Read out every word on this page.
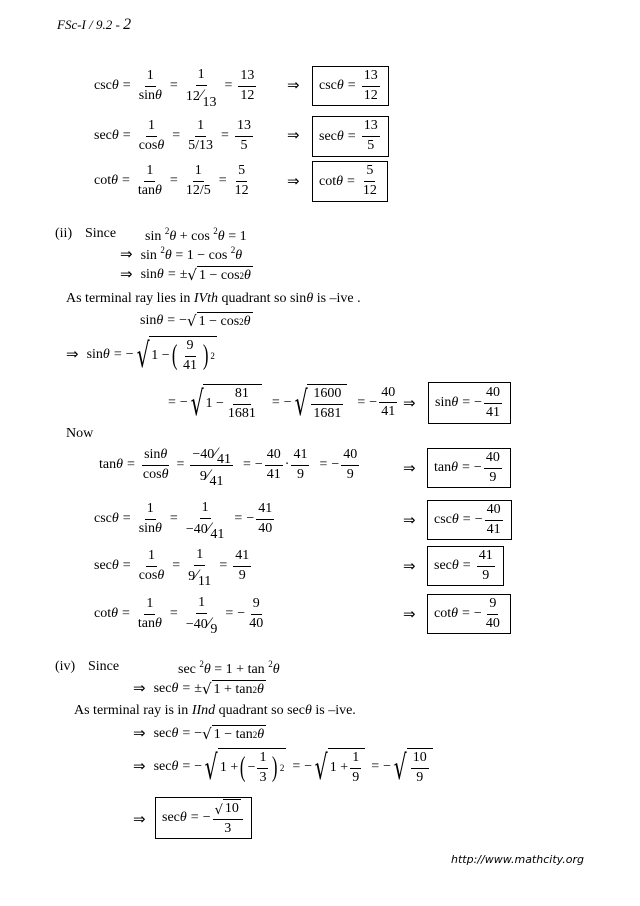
FSc-I / 9.2 - 2
$\csc \theta = \frac{1}{\sin\theta} = \frac{1}{12⁄13} = \frac{13}{12}$ ⇒ $\csc \theta = \frac{13}{12}$
$\sec \theta = \frac{1}{\cos\theta} = \frac{1}{5/13} = \frac{13}{5}$ ⇒ $\sec \theta = \frac{13}{5}$
$\cot \theta = \frac{1}{\tan\theta} = \frac{1}{12/5} = \frac{5}{12}$ ⇒ $\cot \theta = \frac{5}{12}$
(ii) Since sin $^2$θ + cos $^2$θ = 1
⇒ sin $^2$θ = 1 − cos $^2$θ
⇒ sin θ = ± √ 1 − cos 2 θ
As terminal ray lies in IVth quadrant so sinθ is –ive .
sin θ = − √ 1 − cos 2 θ
⇒ sin θ = − √ 1 − ( $\frac{9}{41}$ ) 2
= − √ $1 - \frac{81}{1681}$ = − √ $\frac{1600}{1681}$ = − $\frac{40}{41}$ ⇒ sin θ = − $\frac{40}{41}$
Now
$\tan \theta = \frac{\sin\theta}{\cos\theta} = \frac{-40⁄41}{9⁄41}$ = − $\frac{40}{41} \cdot \frac{41}{9}$ = − $\frac{40}{9}$	⇒ tan θ = − $\frac{40}{9}$
$\csc \theta = \frac{1}{\sin\theta} = \frac{1}{-40⁄41}$ = − $\frac{41}{40}$	⇒ csc θ = − $\frac{40}{41}$
$\sec \theta = \frac{1}{\cos\theta} = \frac{1}{9⁄11} = \frac{41}{9}$	⇒ $\sec \theta = \frac{41}{9}$
$\cot \theta = \frac{1}{\tan\theta} = \frac{1}{-40⁄9}$ = − $\frac{9}{40}$	⇒ cot θ = − $\frac{9}{40}$
(iv) Since	sec $^2$θ = 1 + tan $^2$θ
⇒ sec θ = ± √ 1 + tan 2 θ
As terminal ray is in IInd quadrant so secθ is –ive.
⇒ sec θ = − √ 1 − tan 2 θ
⇒ sec θ = − √ 1 + ( − $\frac{1}{3}$ ) 2 = − √ $1 + \frac{1}{9}$ = − √ $\frac{10}{9}$
⇒ sec θ = − $\frac{√ 10}{3}$
http://www.mathcity.org
